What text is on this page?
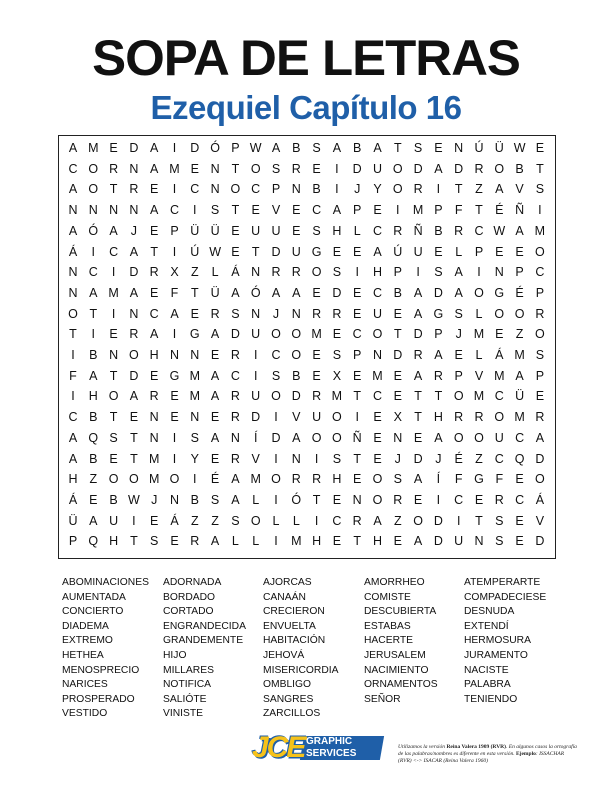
SOPA DE LETRAS
Ezequiel Capítulo 16
A M E D A	I	D Ó P W A B S A B A T S E N Ú Ü W E
C O R N A M E N T O S R E	I	D U O D A D R O B T
A O T R E	I	C N O C P N B	I	J	Y O R	I	T	Z A V S
N N N N A C	I	S T E V E C A P E	I	M P F	T É Ñ	I
A Ó A	J	E P Ü Ü E U U E S H L C R Ñ B R C W A M
Á	I	C A T	I	Ú W E T D U G E E A Ú U E	L	P E E O
N C	I	D R X Z	L	Á N R R O S	I	H P	I	S A	I	N P C
N A M A E F	T Ü A Ó A A E D E C B A D A O G É P
O T	I	N C A E R S N	J	N R R E U E A G S	L O O R
T	I	E R A	I	G A D U O O M E C O T D P	J M E Z O
I	B N O H N N E R	I	C O E S P N D R A E	L	Á M S
F A T D E G M A C	I	S B E X E M E A R P V M A P
I	H O A R E M A R U O D R M T C E T	T O M C Ü E
C B T E N E N E R D	I	V U O	I	E X T H R R O M R
A Q S T N	I	S A N	Í	D A O O Ñ E N E A O O U C A
A B E T M	I	Y E R V	I	N	I	S T E	J	D	J	É Z C Q D
H Z O O M O	I	É A M O R R H E O S A	Í	F G F E O
Á E B W J	N B S A	L	I	Ó T E N O R E	I	C E R C Á
Ü A U	I	E Á Z	Z S O L	L	I	C R A Z O D	I	T S E V
P Q H T S E R A	L	L	I	M H E T H E A D U N S E D
ABOMINACIONES
AUMENTADA
CONCIERTO
DIADEMA
EXTREMO
HETHEA
MENOSPRECIO
NARICES
PROSPERADO
VESTIDO
ADORNADA
BORDADO
CORTADO
ENGRANDECIDA
GRANDEMENTE
HIJO
MILLARES
NOTIFICA
SALIÓTE
VINISTE
AJORCAS
CANAÁN
CRECIERON
ENVUELTA
HABITACIÓN
JEHOVÁ
MISERICORDIA
OMBLIGO
SANGRES
ZARCILLOS
AMORRHEO
COMISTE
DESCUBIERTA
ESTABAS
HACERTE
JERUSALEM
NACIMIENTO
ORNAMENTOS
SEÑOR
ATEMPERARTE
COMPADECIESE
DESNUDA
EXTENDÍ
HERMOSURA
JURAMENTO
NACISTE
PALABRA
TENIENDO
JCE GRAPHIC
SERVICES
Utilizamos la versión Reina Valera 1909 (RVR). En algunos casos la ortografía de las palabras/nombres es diferente en esta versión. Ejemplo: ISSACHAR (RVR) <-> ISACAR (Reina Valera 1960)
